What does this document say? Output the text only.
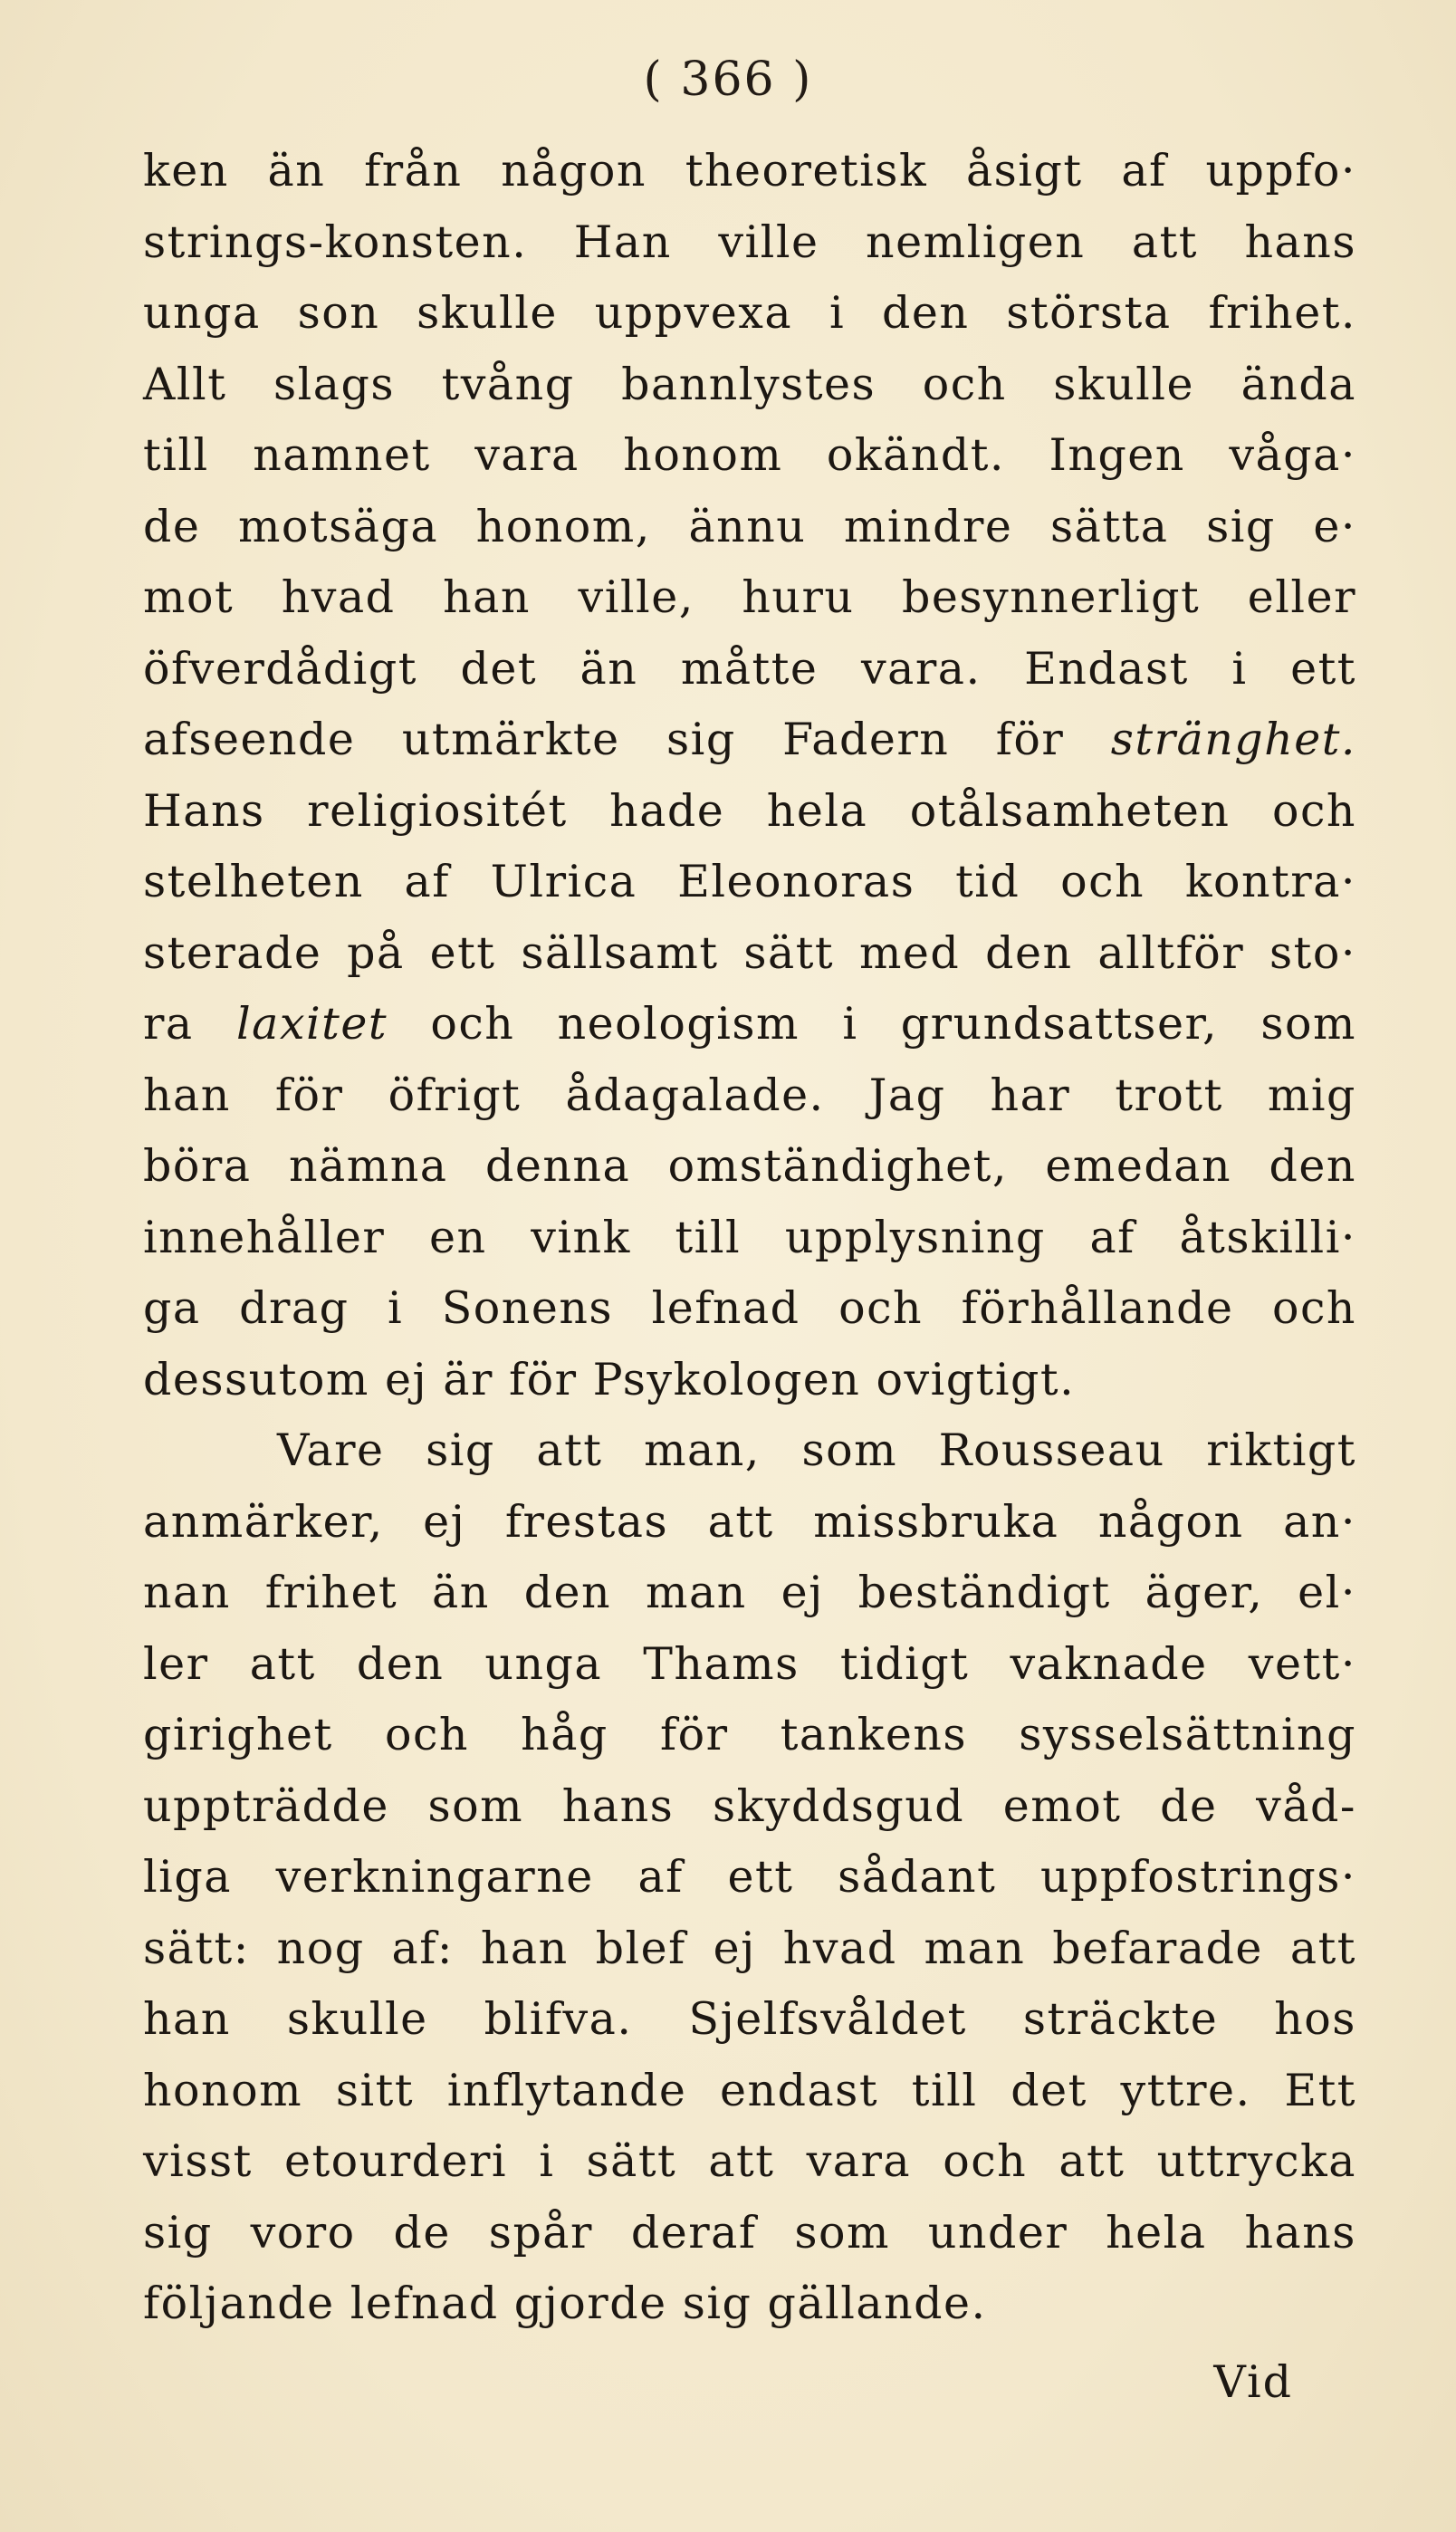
( 366 )
ken än från någon theoretisk åsigt af uppfo·
strings-konsten. Han ville nemligen att hans
unga son skulle uppvexa i den största frihet.
Allt slags tvång bannlystes och skulle ända
till namnet vara honom okändt. Ingen våga·
de motsäga honom, ännu mindre sätta sig e·
mot hvad han ville, huru besynnerligt eller
öfverdådigt det än måtte vara. Endast i ett
afseende utmärkte sig Fadern för stränghet.
Hans religiositét hade hela otålsamheten och
stelheten af Ulrica Eleonoras tid och kontra·
sterade på ett sällsamt sätt med den alltför sto·
ra laxitet och neologism i grundsattser, som
han för öfrigt ådagalade. Jag har trott mig
böra nämna denna omständighet, emedan den
innehåller en vink till upplysning af åtskilli·
ga drag i Sonens lefnad och förhållande och
dessutom
ej
är
för
Psykologen
ovigtigt.
Vare sig att man, som Rousseau riktigt
anmärker, ej frestas att missbruka någon an·
nan frihet än den man ej beständigt äger, el·
ler att den unga Thams tidigt vaknade vett·
girighet och håg för tankens sysselsättning
uppträdde som hans skyddsgud emot de våd-
liga verkningarne af ett sådant uppfostrings·
sätt: nog af: han blef ej hvad man befarade att
han skulle blifva. Sjelfsvåldet sträckte hos
honom sitt inflytande endast till det yttre. Ett
visst etourderi i sätt att vara och att uttrycka
sig voro de spår deraf som under hela hans
följande
lefnad
gjorde
sig
gällande.
Vid
